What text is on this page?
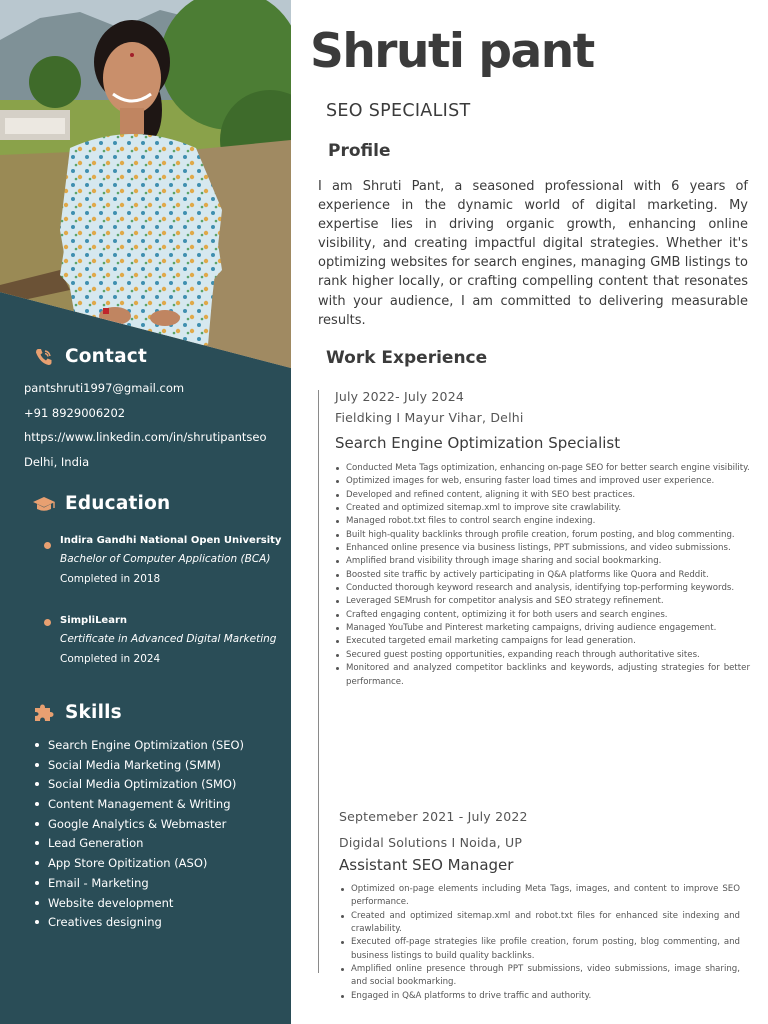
Contact
pantshruti1997@gmail.com
+91 8929006202
https://www.linkedin.com/in/shrutipantseo
Delhi, India
Education
Indira Gandhi National Open University
Bachelor of Computer Application (BCA)
Completed in 2018
SimpliLearn
Certificate in Advanced Digital Marketing
Completed in 2024
Skills
Search Engine Optimization (SEO)
Social Media Marketing (SMM)
Social Media Optimization (SMO)
Content Management & Writing
Google Analytics & Webmaster
Lead Generation
App Store Opitization (ASO)
Email - Marketing
Website development
Creatives designing
Shruti pant
SEO SPECIALIST
Profile

I am Shruti Pant, a seasoned professional with 6 years of experience in the dynamic world of digital marketing. My expertise lies in driving organic growth, enhancing online visibility, and creating impactful digital strategies. Whether it's optimizing websites for search engines, managing GMB listings to rank higher locally, or crafting compelling content that resonates with your audience, I am committed to delivering measurable results.

Work Experience
July 2022- July 2024
Fieldking I Mayur Vihar, Delhi
Search Engine Optimization Specialist
Conducted Meta Tags optimization, enhancing on-page SEO for better search engine visibility.
Optimized images for web, ensuring faster load times and improved user experience.
Developed and refined content, aligning it with SEO best practices.
Created and optimized sitemap.xml to improve site crawlability.
Managed robot.txt files to control search engine indexing.
Built high-quality backlinks through profile creation, forum posting, and blog commenting.
Enhanced online presence via business listings, PPT submissions, and video submissions.
Amplified brand visibility through image sharing and social bookmarking.
Boosted site traffic by actively participating in Q&A platforms like Quora and Reddit.
Conducted thorough keyword research and analysis, identifying top-performing keywords.
Leveraged SEMrush for competitor analysis and SEO strategy refinement.
Crafted engaging content, optimizing it for both users and search engines.
Managed YouTube and Pinterest marketing campaigns, driving audience engagement.
Executed targeted email marketing campaigns for lead generation.
Secured guest posting opportunities, expanding reach through authoritative sites.
Monitored and analyzed competitor backlinks and keywords, adjusting strategies for better performance.
Septemeber 2021 - July 2022
Digidal Solutions I Noida, UP
Assistant SEO Manager
Optimized on-page elements including Meta Tags, images, and content to improve SEO performance.
Created and optimized sitemap.xml and robot.txt files for enhanced site indexing and crawlability.
Executed off-page strategies like profile creation, forum posting, blog commenting, and business listings to build quality backlinks.
Amplified online presence through PPT submissions, video submissions, image sharing, and social bookmarking.
Engaged in Q&A platforms to drive traffic and authority.
